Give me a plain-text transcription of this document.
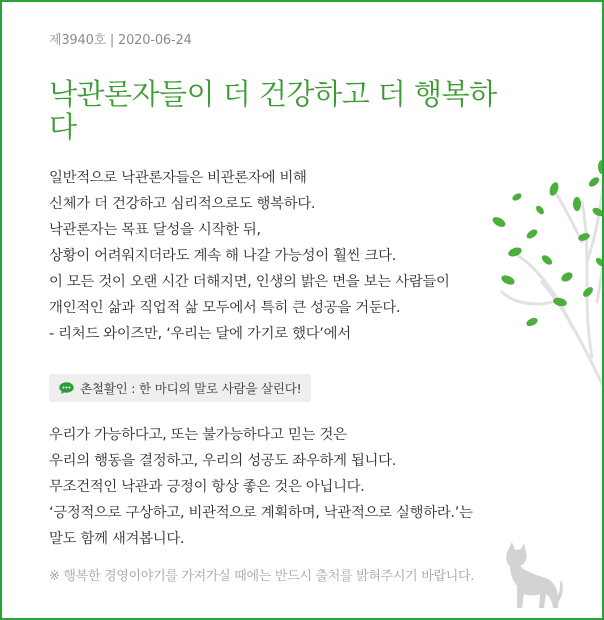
제3940호 | 2020-06-24
낙관론자들이 더 건강하고 더 행복하다
일반적으로 낙관론자들은 비관론자에 비해
신체가 더 건강하고 심리적으로도 행복하다.
낙관론자는 목표 달성을 시작한 뒤,
상황이 어려워지더라도 계속 해 나갈 가능성이 훨씬 크다.
이 모든 것이 오랜 시간 더해지면, 인생의 밝은 면을 보는 사람들이
개인적인 삶과 직업적 삶 모두에서 특히 큰 성공을 거둔다.
- 리처드 와이즈만, ‘우리는 달에 가기로 했다’에서
촌철활인 : 한 마디의 말로 사람을 살린다!
우리가 가능하다고, 또는 불가능하다고 믿는 것은
우리의 행동을 결정하고, 우리의 성공도 좌우하게 됩니다.
무조건적인 낙관과 긍정이 항상 좋은 것은 아닙니다.
‘긍정적으로 구상하고, 비관적으로 계획하며, 낙관적으로 실행하라.’는
말도 함께 새겨봅니다.
※ 행복한 경영이야기를 가져가실 때에는 반드시 출처를 밝혀주시기 바랍니다.
